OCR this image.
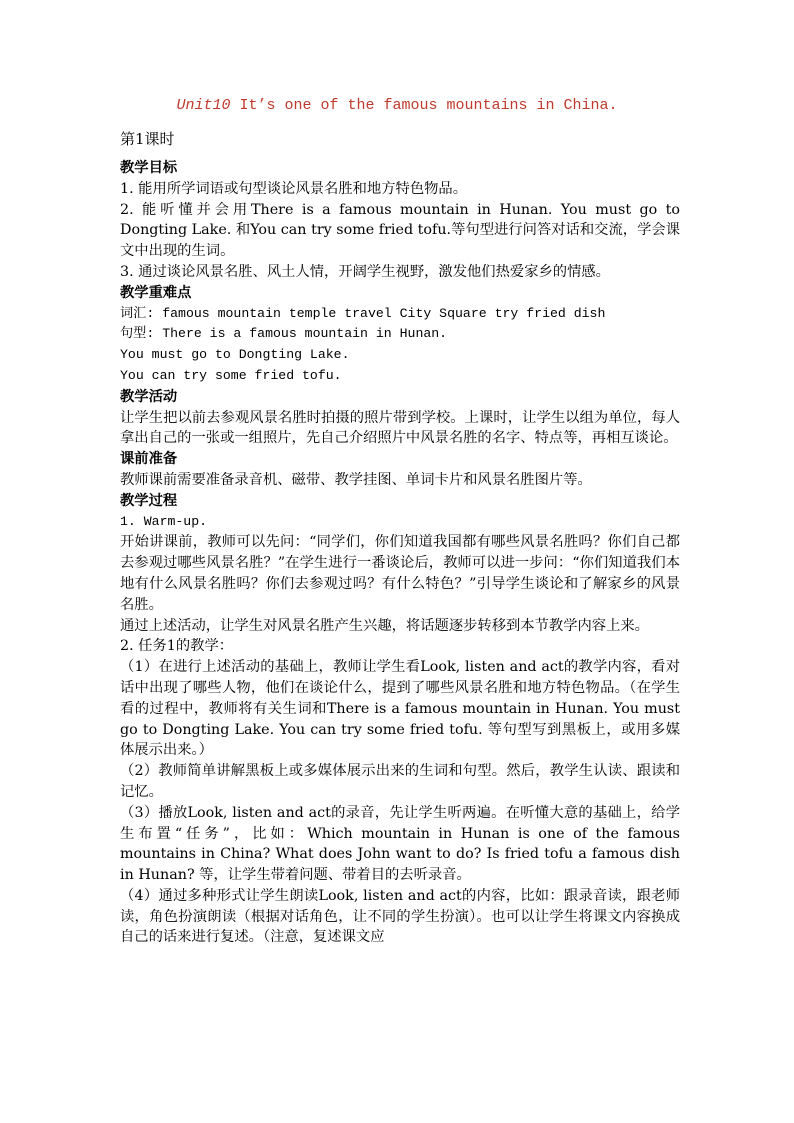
Unit10 It’s one of the famous mountains in China.
第1课时

教学目标

1. 能用所学词语或句型谈论风景名胜和地方特色物品。

2. 能听懂并会用There is a famous mountain in Hunan. You must go to Dongting Lake. 和You can try some fried tofu.等句型进行问答对话和交流，学会课文中出现的生词。

3. 通过谈论风景名胜、风土人情，开阔学生视野，激发他们热爱家乡的情感。

教学重难点

词汇: famous mountain temple travel City Square try fried dish

句型: There is a famous mountain in Hunan.

You must go to Dongting Lake.

You can try some fried tofu.

教学活动

让学生把以前去参观风景名胜时拍摄的照片带到学校。上课时，让学生以组为单位，每人拿出自己的一张或一组照片，先自己介绍照片中风景名胜的名字、特点等，再相互谈论。

课前准备

教师课前需要准备录音机、磁带、教学挂图、单词卡片和风景名胜图片等。

教学过程

1. Warm-up.

开始讲课前，教师可以先问：“同学们，你们知道我国都有哪些风景名胜吗？你们自己都去参观过哪些风景名胜？”在学生进行一番谈论后，教师可以进一步问：“你们知道我们本地有什么风景名胜吗？你们去参观过吗？有什么特色？”引导学生谈论和了解家乡的风景名胜。

通过上述活动，让学生对风景名胜产生兴趣，将话题逐步转移到本节教学内容上来。

2. 任务1的教学：

（1）在进行上述活动的基础上，教师让学生看Look, listen and act的教学内容，看对话中出现了哪些人物，他们在谈论什么，提到了哪些风景名胜和地方特色物品。（在学生看的过程中，教师将有关生词和There is a famous mountain in Hunan. You must go to Dongting Lake. You can try some fried tofu. 等句型写到黑板上，或用多媒体展示出来。）

（2）教师简单讲解黑板上或多媒体展示出来的生词和句型。然后，教学生认读、跟读和记忆。

（3）播放Look, listen and act的录音，先让学生听两遍。在听懂大意的基础上，给学生布置“任务”，比如：Which mountain in Hunan is one of the famous mountains in China? What does John want to do? Is fried tofu a famous dish in Hunan? 等，让学生带着问题、带着目的去听录音。

（4）通过多种形式让学生朗读Look, listen and act的内容，比如：跟录音读，跟老师读，角色扮演朗读（根据对话角色，让不同的学生扮演）。也可以让学生将课文内容换成自己的话来进行复述。（注意，复述课文应
